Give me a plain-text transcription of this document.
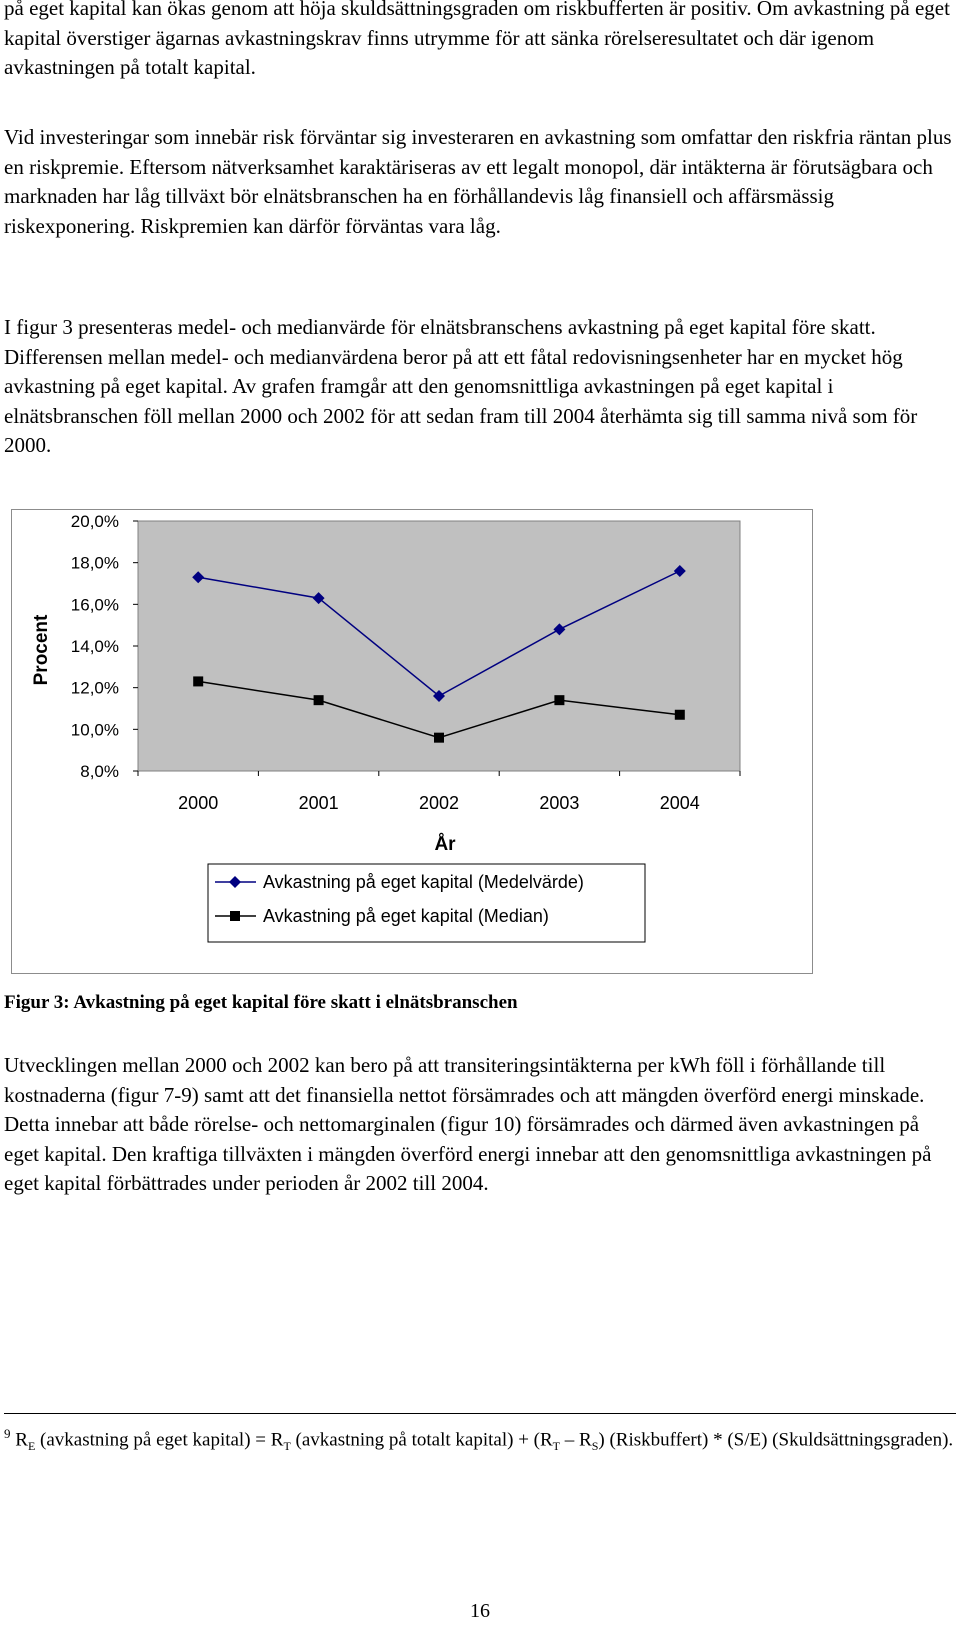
på eget kapital kan ökas genom att höja skuldsättningsgraden om riskbufferten är positiv. Om avkastning på eget kapital överstiger ägarnas avkastningskrav finns utrymme för att sänka rörelseresultatet och där igenom avkastningen på totalt kapital.

Vid investeringar som innebär risk förväntar sig investeraren en avkastning som omfattar den riskfria räntan plus en riskpremie. Eftersom nätverksamhet karaktäriseras av ett legalt monopol, där intäkterna är förutsägbara och marknaden har låg tillväxt bör elnätsbranschen ha en förhållandevis låg finansiell och affärsmässig riskexponering. Riskpremien kan därför förväntas vara låg.

I figur 3 presenteras medel- och medianvärde för elnätsbranschens avkastning på eget kapital före skatt. Differensen mellan medel- och medianvärdena beror på att ett fåtal redovisningsenheter har en mycket hög avkastning på eget kapital. Av grafen framgår att den genomsnittliga avkastningen på eget kapital i elnätsbranschen föll mellan 2000 och 2002 för att sedan fram till 2004 återhämta sig till samma nivå som för 2000.

8,0%
10,0%
12,0%
14,0%
16,0%
18,0%
20,0%
2000	2001	2002	2003	2004
Procent
År
Avkastning på eget kapital (Medelvärde)
Avkastning på eget kapital (Median)
Figur 3: Avkastning på eget kapital före skatt i elnätsbranschen

Utvecklingen mellan 2000 och 2002 kan bero på att transiteringsintäkterna per kWh föll i förhållande till kostnaderna (figur 7-9) samt att det finansiella nettot försämrades och att mängden överförd energi minskade. Detta innebar att både rörelse- och nettomarginalen (figur 10) försämrades och därmed även avkastningen på eget kapital. Den kraftiga tillväxten i mängden överförd energi innebar att den genomsnittliga avkastningen på eget kapital förbättrades under perioden år 2002 till 2004.

$^9$ $R_E$ (avkastning på eget kapital) = $R_T$ (avkastning på totalt kapital) + $(R_T - R_S)$ (Riskbuffert) * (S/E) (Skuldsättningsgraden).

16
